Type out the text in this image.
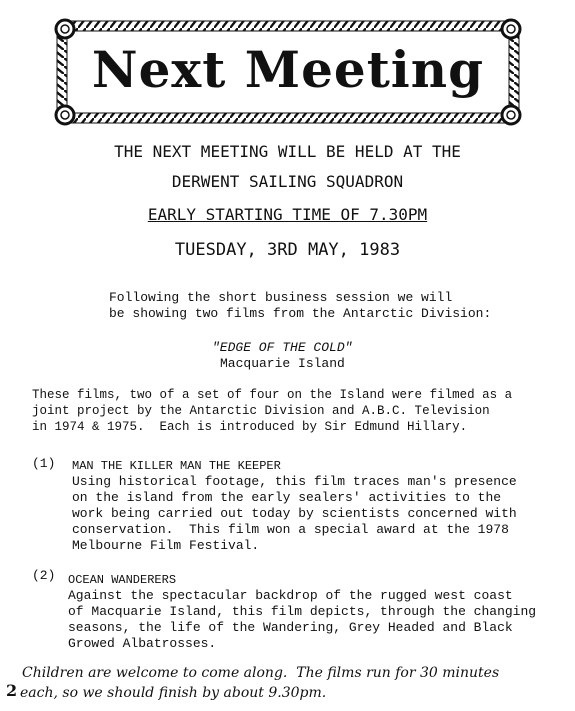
Next Meeting
THE NEXT MEETING WILL BE HELD AT THE
DERWENT SAILING SQUADRON
EARLY STARTING TIME OF 7.30PM
TUESDAY, 3RD MAY, 1983
Following the short business session we will
be showing two films from the Antarctic Division:
"EDGE OF THE COLD"
Macquarie Island
These films, two of a set of four on the Island were filmed as a
joint project by the Antarctic Division and A.B.C. Television
in 1974 & 1975.  Each is introduced by Sir Edmund Hillary.
(1) MAN THE KILLER MAN THE KEEPER
Using historical footage, this film traces man's presence
on the island from the early sealers' activities to the
work being carried out today by scientists concerned with
conservation.  This film won a special award at the 1978
Melbourne Film Festival.
(2) OCEAN WANDERERS
Against the spectacular backdrop of the rugged west coast
of Macquarie Island, this film depicts, through the changing
seasons, the life of the Wandering, Grey Headed and Black
Growed Albatrosses.
Children are welcome to come along.  The films run for 30 minutes
2 each, so we should finish by about 9.30pm.
